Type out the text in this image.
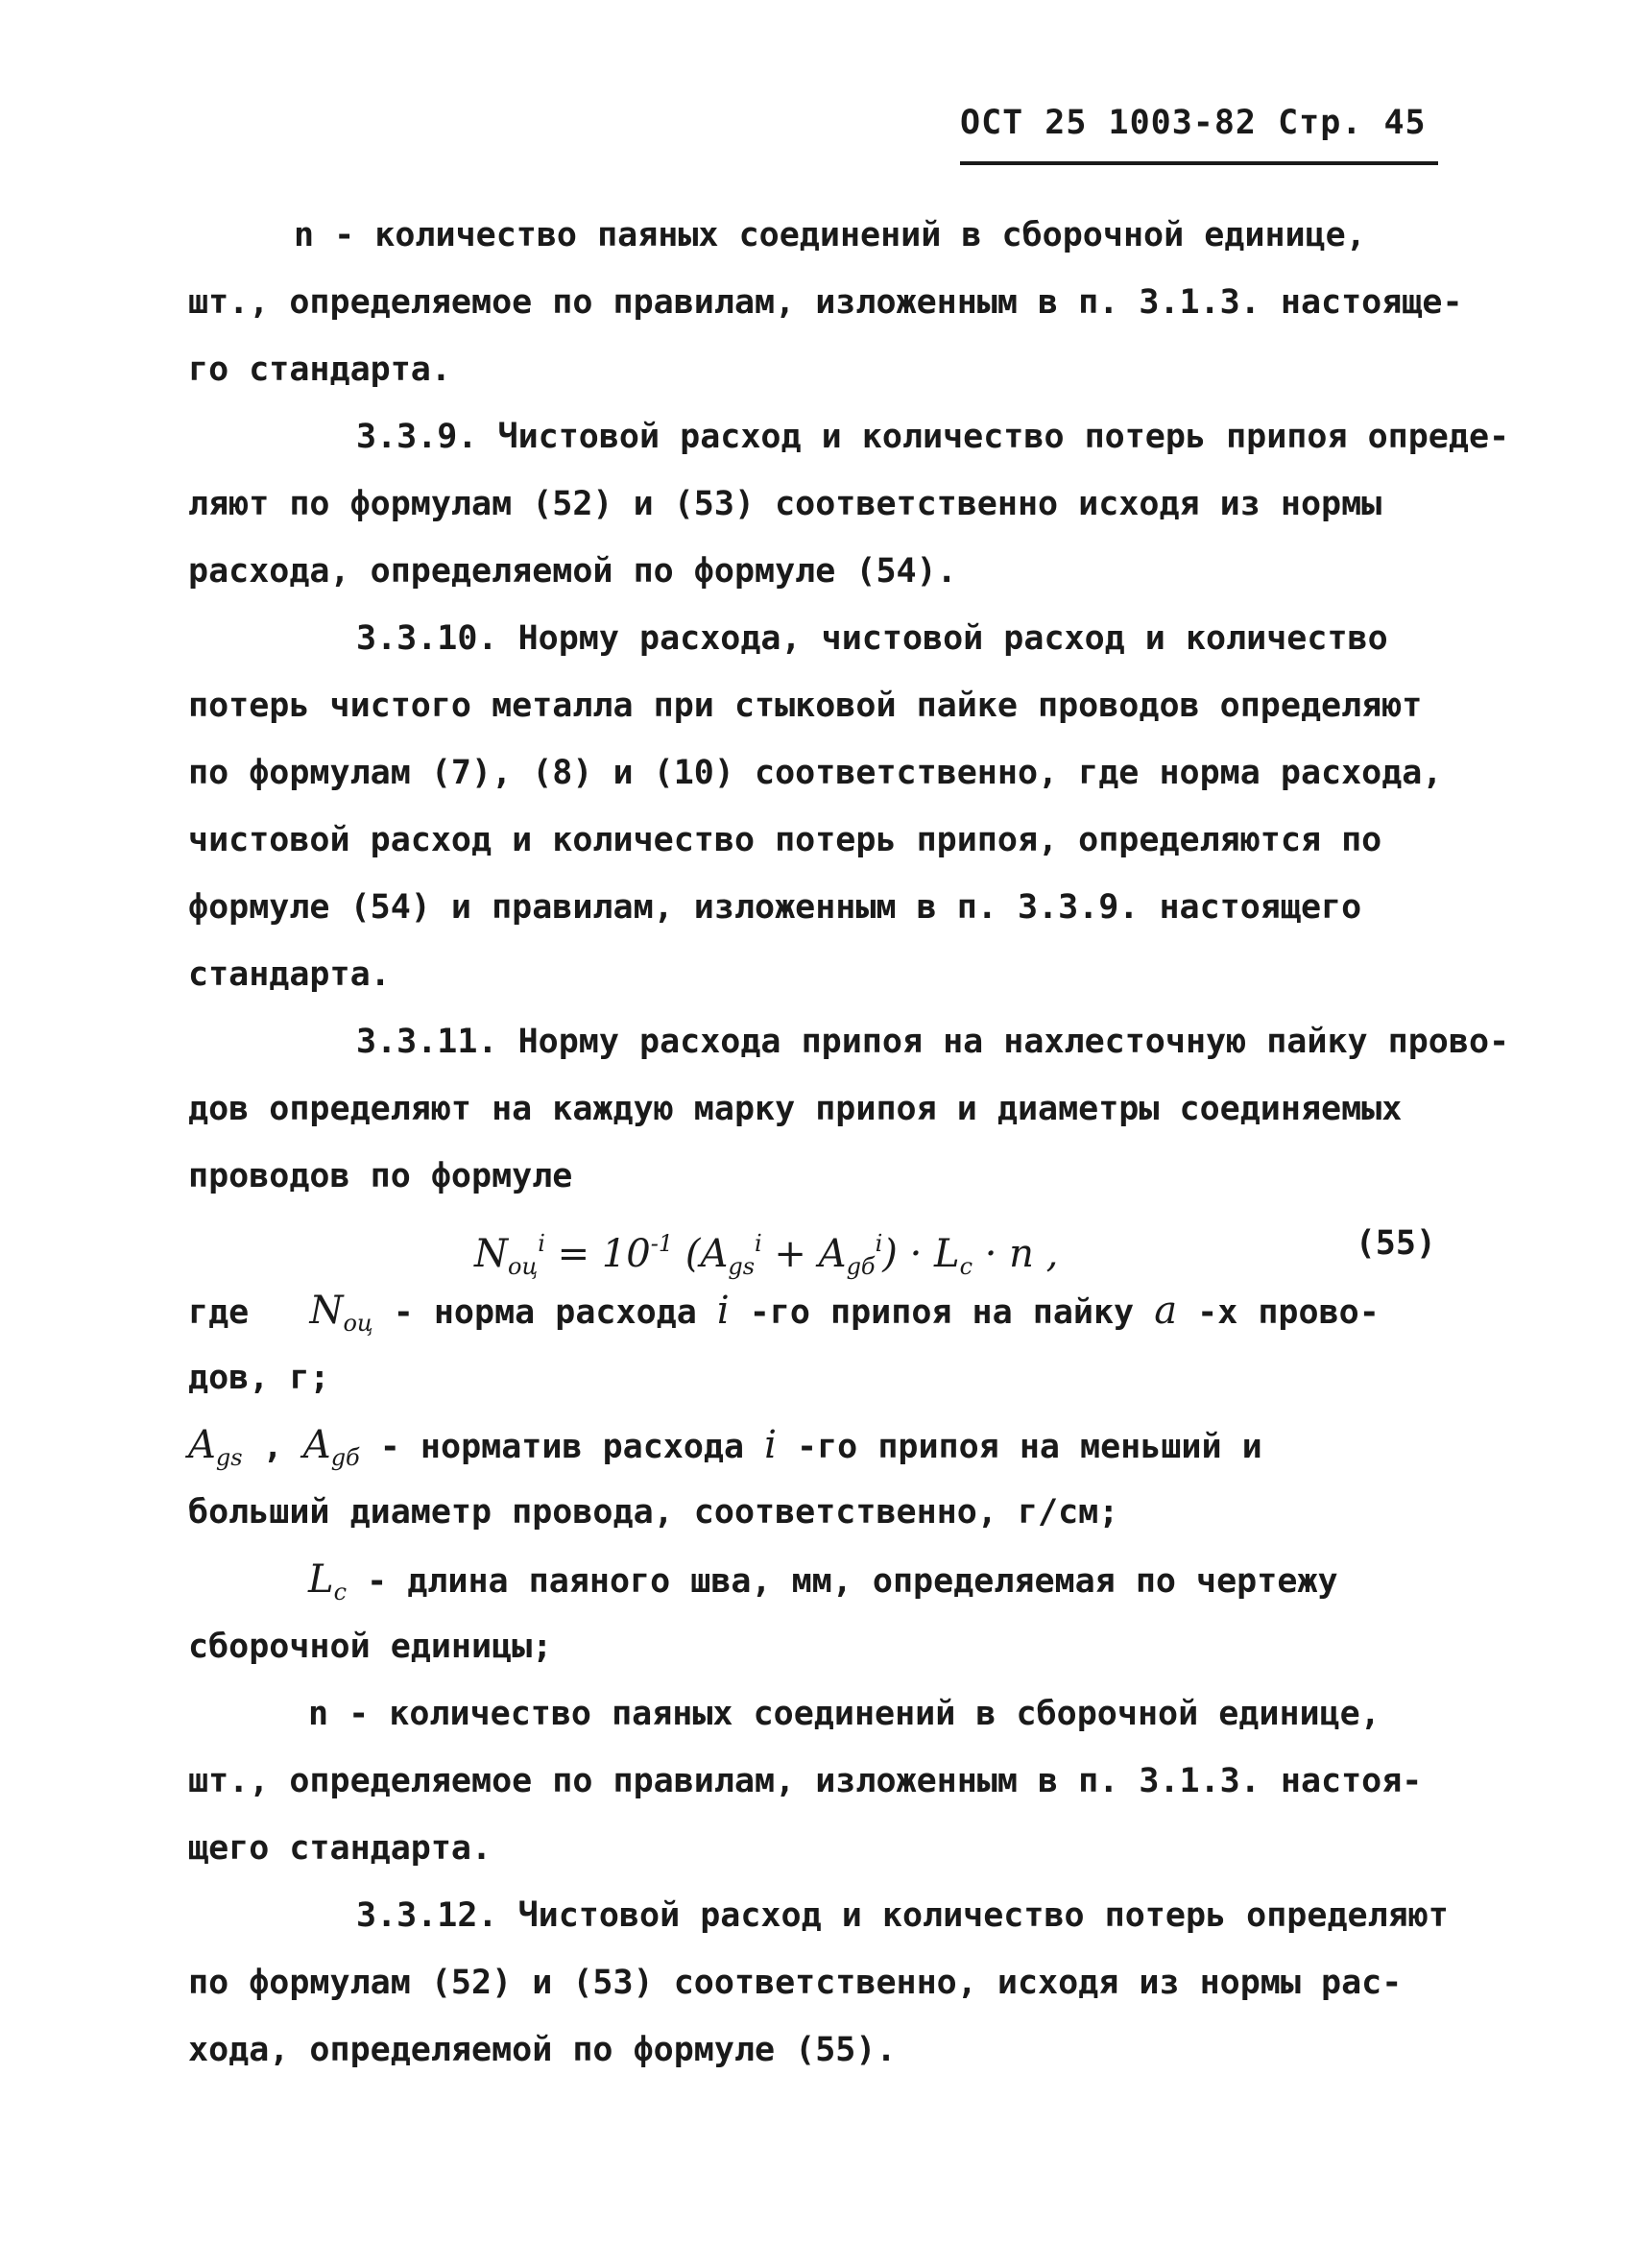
ОСТ 25 1003-82 Стр. 45
n - количество паяных соединений в сборочной единице,
шт., определяемое по правилам, изложенным в п. 3.1.3. настояще-
го стандарта.
3.3.9. Чистовой расход и количество потерь припоя опреде-
ляют по формулам (52) и (53) соответственно исходя из нормы
расхода, определяемой по формуле (54).
3.3.10. Норму расхода, чистовой расход и количество
потерь чистого металла при стыковой пайке проводов определяют
по формулам (7), (8) и (10) соответственно, где норма расхода,
чистовой расход и количество потерь припоя, определяются по
формуле (54) и правилам, изложенным в п. 3.3.9. настоящего
стандарта.
3.3.11. Норму расхода припоя на нахлесточную пайку прово-
дов определяют на каждую марку припоя и диаметры соединяемых
проводов по формуле
$N_{оц}^i = 10^{-1}$ $(A_{gs}^i + A_{gб}^i) \cdot L_c \cdot n$ ,	(55)
где $N_{оц}$ - норма расхода i -го припоя на пайку a -х прово-
дов, г;
$A_{gs}$ , $A_{gб}$ - норматив расхода i -го припоя на меньший и
больший диаметр провода, соответственно, г/см;
$L_c$ - длина паяного шва, мм, определяемая по чертежу
сборочной единицы;
n - количество паяных соединений в сборочной единице,
шт., определяемое по правилам, изложенным в п. 3.1.3. настоя-
щего стандарта.
3.3.12. Чистовой расход и количество потерь определяют
по формулам (52) и (53) соответственно, исходя из нормы рас-
хода, определяемой по формуле (55).
